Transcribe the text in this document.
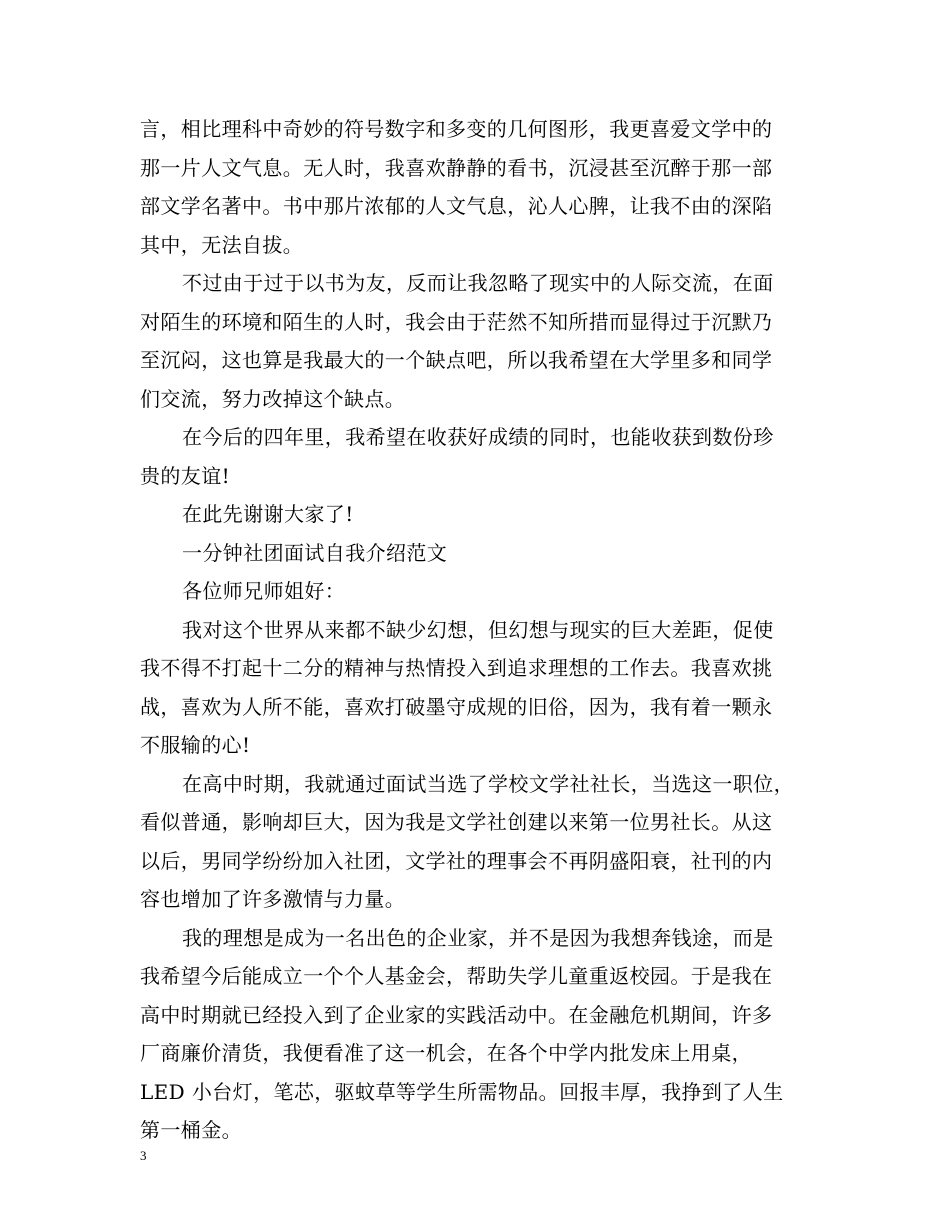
言，相比理科中奇妙的符号数字和多变的几何图形，我更喜爱文学中的
那一片人文气息。无人时，我喜欢静静的看书，沉浸甚至沉醉于那一部
部文学名著中。书中那片浓郁的人文气息，沁人心脾，让我不由的深陷
其中，无法自拔。
不过由于过于以书为友，反而让我忽略了现实中的人际交流，在面
对陌生的环境和陌生的人时，我会由于茫然不知所措而显得过于沉默乃
至沉闷，这也算是我最大的一个缺点吧，所以我希望在大学里多和同学
们交流，努力改掉这个缺点。
在今后的四年里，我希望在收获好成绩的同时，也能收获到数份珍
贵的友谊!
在此先谢谢大家了!
一分钟社团面试自我介绍范文
各位师兄师姐好：
我对这个世界从来都不缺少幻想，但幻想与现实的巨大差距，促使
我不得不打起十二分的精神与热情投入到追求理想的工作去。我喜欢挑
战，喜欢为人所不能，喜欢打破墨守成规的旧俗，因为，我有着一颗永
不服输的心!
在高中时期，我就通过面试当选了学校文学社社长，当选这一职位，
看似普通，影响却巨大，因为我是文学社创建以来第一位男社长。从这
以后，男同学纷纷加入社团，文学社的理事会不再阴盛阳衰，社刊的内
容也增加了许多激情与力量。
我的理想是成为一名出色的企业家，并不是因为我想奔钱途，而是
我希望今后能成立一个个人基金会，帮助失学儿童重返校园。于是我在
高中时期就已经投入到了企业家的实践活动中。在金融危机期间，许多
厂商廉价清货，我便看准了这一机会，在各个中学内批发床上用桌，
LED 小台灯，笔芯，驱蚊草等学生所需物品。回报丰厚，我挣到了人生
第一桶金。
3
